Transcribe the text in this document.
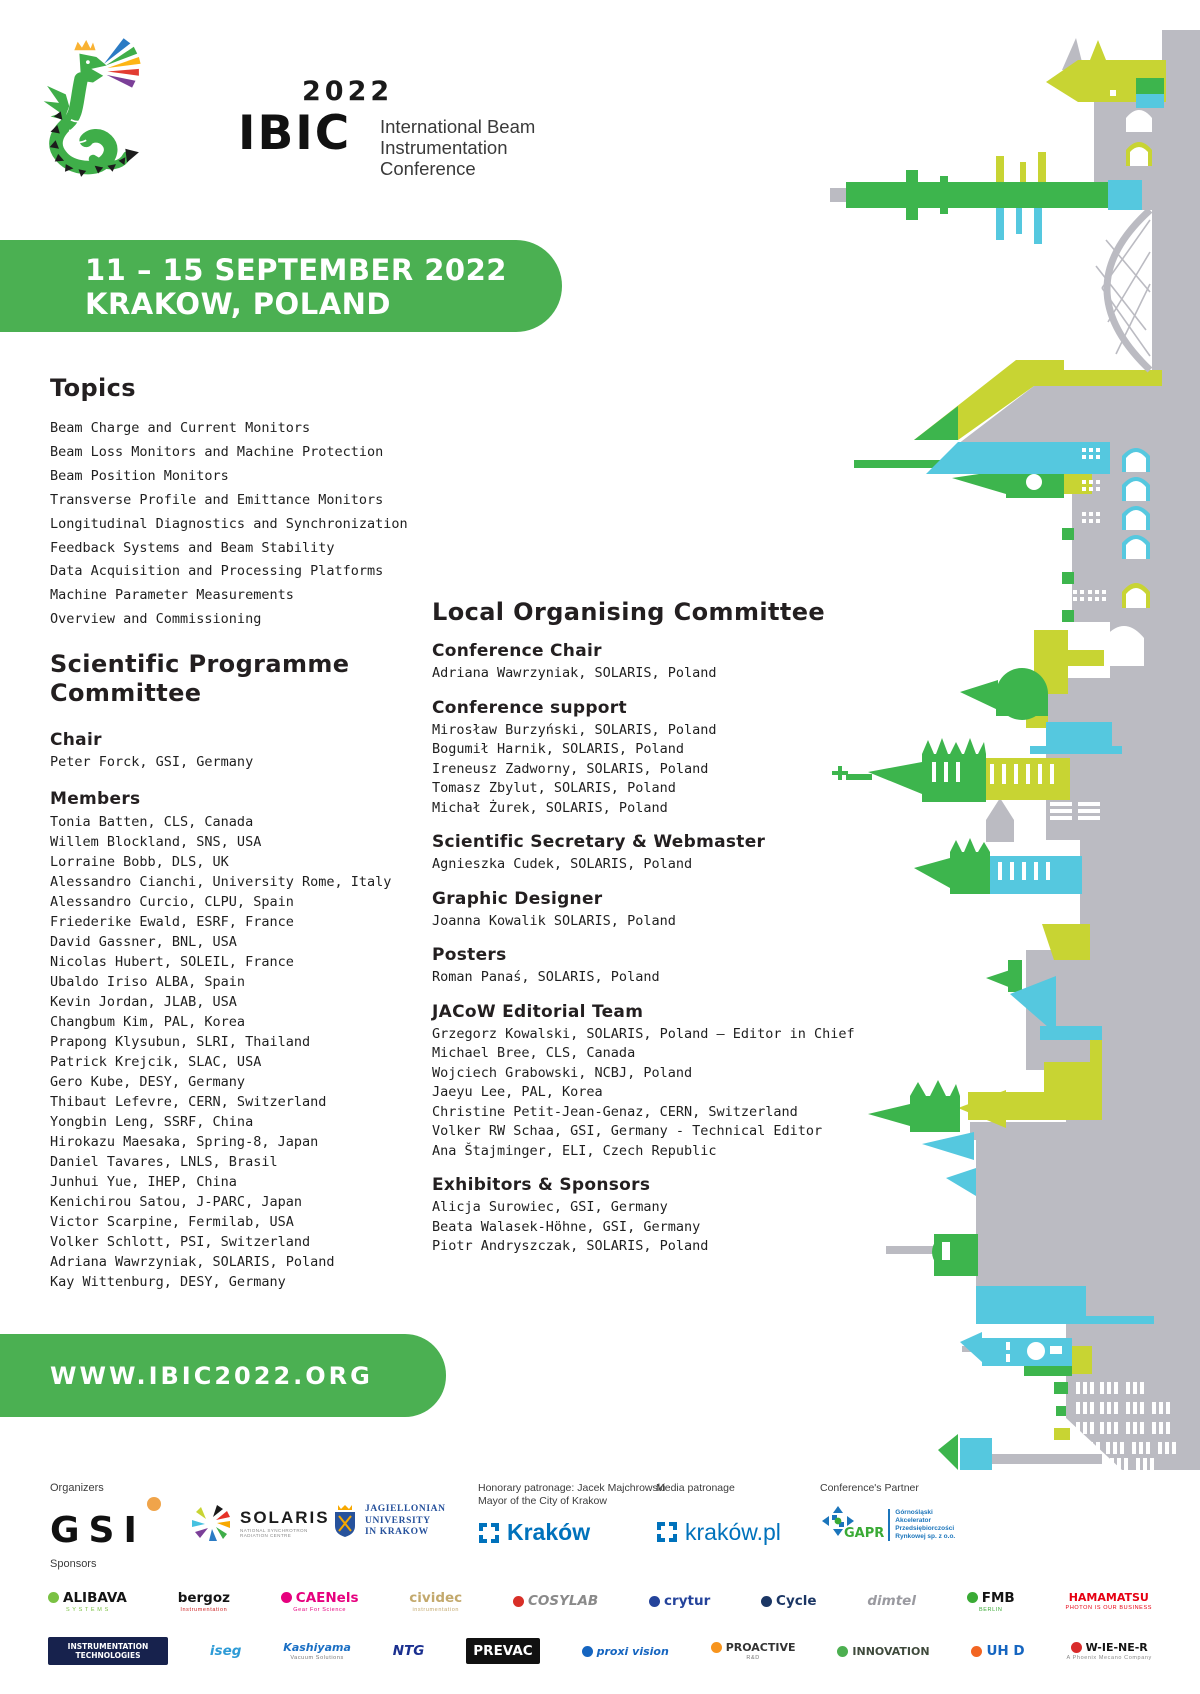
2022
IBIC International Beam
Instrumentation Conference
11 – 15 SEPTEMBER 2022
KRAKOW, POLAND
Topics
Beam Charge and Current Monitors
Beam Loss Monitors and Machine Protection
Beam Position Monitors
Transverse Profile and Emittance Monitors
Longitudinal Diagnostics and Synchronization
Feedback Systems and Beam Stability
Data Acquisition and Processing Platforms
Machine Parameter Measurements
Overview and Commissioning
Scientific Programme
Committee
Chair
Peter Forck, GSI, Germany
Members
Tonia Batten, CLS, Canada
Willem Blockland, SNS, USA
Lorraine Bobb, DLS, UK
Alessandro Cianchi, University Rome, Italy
Alessandro Curcio, CLPU, Spain
Friederike Ewald, ESRF, France
David Gassner, BNL, USA
Nicolas Hubert, SOLEIL, France
Ubaldo Iriso ALBA, Spain
Kevin Jordan, JLAB, USA
Changbum Kim, PAL, Korea
Prapong Klysubun, SLRI, Thailand
Patrick Krejcik, SLAC, USA
Gero Kube, DESY, Germany
Thibaut Lefevre, CERN, Switzerland
Yongbin Leng, SSRF, China
Hirokazu Maesaka, Spring-8, Japan
Daniel Tavares, LNLS, Brasil
Junhui Yue, IHEP, China
Kenichirou Satou, J-PARC, Japan
Victor Scarpine, Fermilab, USA
Volker Schlott, PSI, Switzerland
Adriana Wawrzyniak, SOLARIS, Poland
Kay Wittenburg, DESY, Germany
Local Organising Committee
Conference Chair
Adriana Wawrzyniak, SOLARIS, Poland
Conference support
Mirosław Burzyński, SOLARIS, Poland
Bogumił Harnik, SOLARIS, Poland
Ireneusz Zadworny, SOLARIS, Poland
Tomasz Zbylut, SOLARIS, Poland
Michał Żurek, SOLARIS, Poland
Scientific Secretary & Webmaster
Agnieszka Cudek, SOLARIS, Poland
Graphic Designer
Joanna Kowalik SOLARIS, Poland
Posters
Roman Panaś, SOLARIS, Poland
JACoW Editorial Team
Grzegorz Kowalski, SOLARIS, Poland – Editor in Chief
Michael Bree, CLS, Canada
Wojciech Grabowski, NCBJ, Poland
Jaeyu Lee, PAL, Korea
Christine Petit-Jean-Genaz, CERN, Switzerland
Volker RW Schaa, GSI, Germany - Technical Editor
Ana Štajminger, ELI, Czech Republic
Exhibitors & Sponsors
Alicja Surowiec, GSI, Germany
Beata Walasek-Höhne, GSI, Germany
Piotr Andryszczak, SOLARIS, Poland
WWW.IBIC2022.ORG
Organizers
GSI	SOLARIS
NATIONAL SYNCHROTRON
RADIATION CENTRE
JAGIELLONIAN
UNIVERSITY
IN KRAKOW
Honorary patronage: Jacek Majchrowski
Mayor of the City of Krakow
Kraków
Media patronage
kraków.pl
Conference's Partner
GAPR
Górnośląski
Akcelerator
Przedsiębiorczości
Rynkowej sp. z o.o.
Sponsors
ALIBAVA
S Y S T E M S
bergoz
Instrumentation
CAENels
Gear For Science
cividec
instrumentation
COSYLAB	crytur	Cycle	dimtel	FMB
BERLIN
HAMAMATSU
PHOTON IS OUR BUSINESS
INSTRUMENTATION TECHNOLOGIES	iseg	Kashiyama
Vacuum Solutions	NTG	PREVAC	proxi vision	PROACTIVE
R&D
INNOVATION	UH D	W-IE-NE-R
A Phoenix Mecano Company
